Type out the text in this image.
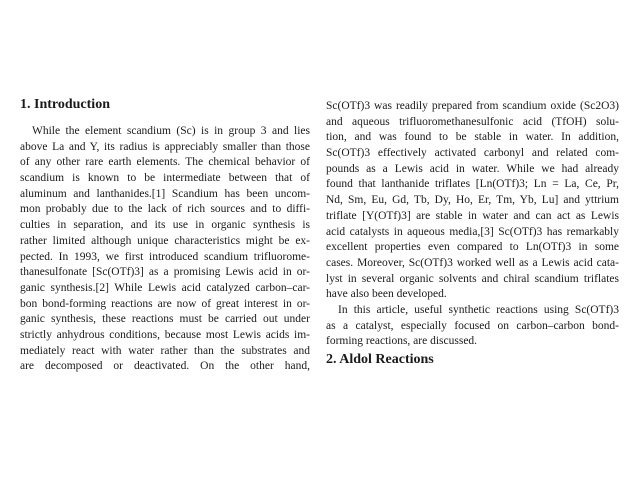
1. Introduction
While the element scandium (Sc) is in group 3 and lies
above La and Y, its radius is appreciably smaller than those
of any other rare earth elements. The chemical behavior of
scandium is known to be intermediate between that of
aluminum and lanthanides.[1] Scandium has been uncom-
mon probably due to the lack of rich sources and to diffi-
culties in separation, and its use in organic synthesis is
rather limited although unique characteristics might be ex-
pected. In 1993, we first introduced scandium trifluorome-
thanesulfonate [Sc(OTf)3] as a promising Lewis acid in or-
ganic synthesis.[2] While Lewis acid catalyzed carbon–car-
bon bond-forming reactions are now of great interest in or-
ganic synthesis, these reactions must be carried out under
strictly anhydrous conditions, because most Lewis acids im-
mediately react with water rather than the substrates and
are decomposed or deactivated. On the other hand,
Sc(OTf)3 was readily prepared from scandium oxide (Sc2O3)
and aqueous trifluoromethanesulfonic acid (TfOH) solu-
tion, and was found to be stable in water. In addition,
Sc(OTf)3 effectively activated carbonyl and related com-
pounds as a Lewis acid in water. While we had already
found that lanthanide triflates [Ln(OTf)3; Ln = La, Ce, Pr,
Nd, Sm, Eu, Gd, Tb, Dy, Ho, Er, Tm, Yb, Lu] and yttrium
triflate [Y(OTf)3] are stable in water and can act as Lewis
acid catalysts in aqueous media,[3] Sc(OTf)3 has remarkably
excellent properties even compared to Ln(OTf)3 in some
cases. Moreover, Sc(OTf)3 worked well as a Lewis acid cata-
lyst in several organic solvents and chiral scandium triflates
have also been developed.
In this article, useful synthetic reactions using Sc(OTf)3
as a catalyst, especially focused on carbon–carbon bond-
forming reactions, are discussed.
2. Aldol Reactions
